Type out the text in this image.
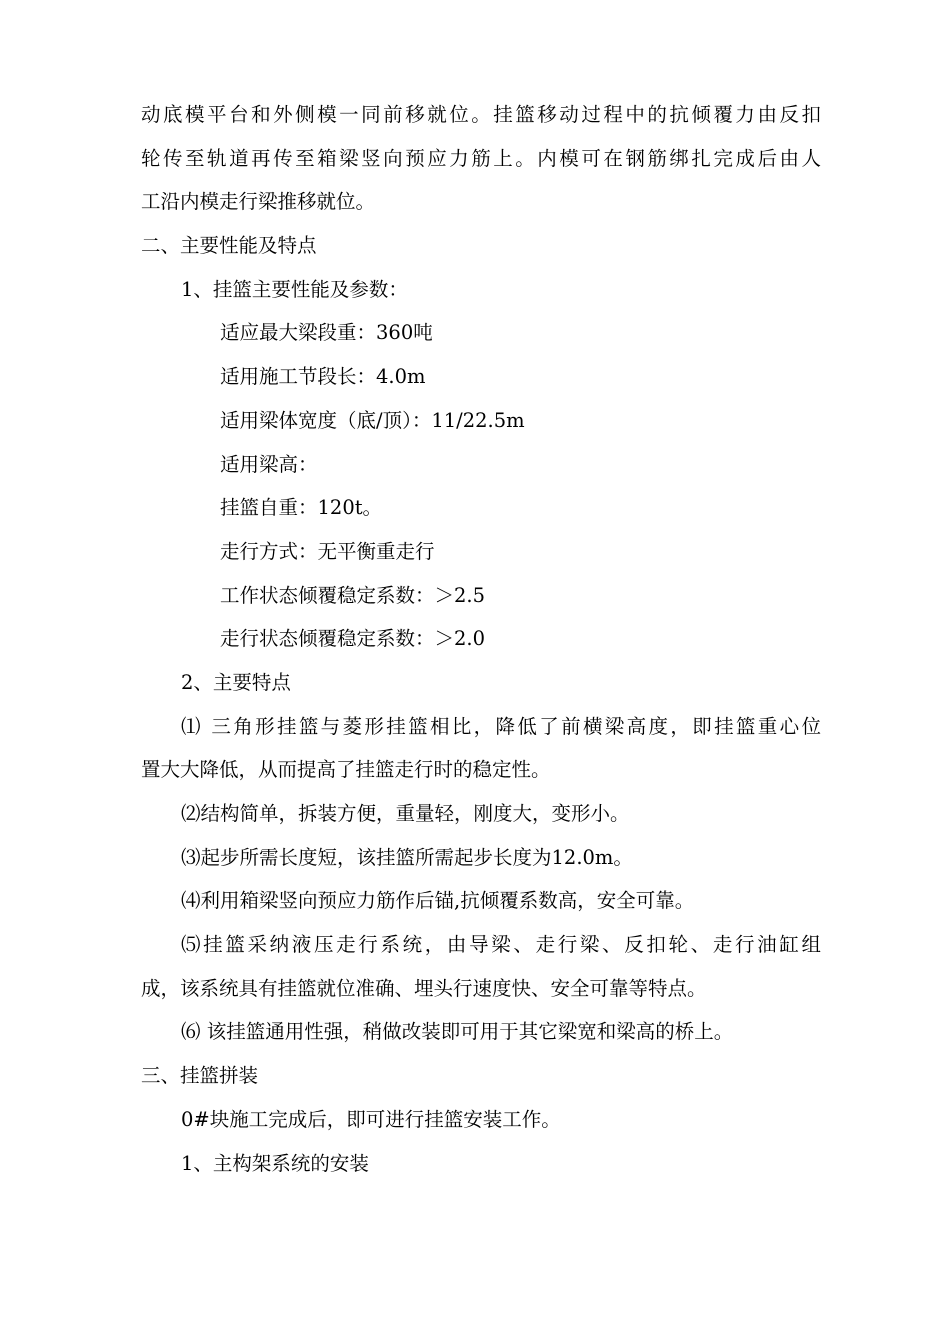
动底模平台和外侧模一同前移就位。挂篮移动过程中的抗倾覆力由反扣
轮传至轨道再传至箱梁竖向预应力筋上。内模可在钢筋绑扎完成后由人
工沿内模走行梁推移就位。
二、主要性能及特点
1、挂篮主要性能及参数：
适应最大梁段重：360吨
适用施工节段长：4.0m
适用梁体宽度（底/顶）：11/22.5m
适用梁高：
挂篮自重：120t。
走行方式：无平衡重走行
工作状态倾覆稳定系数：＞2.5
走行状态倾覆稳定系数：＞2.0
2、主要特点
⑴ 三角形挂篮与菱形挂篮相比，降低了前横梁高度，即挂篮重心位
置大大降低，从而提高了挂篮走行时的稳定性。
⑵结构简单，拆装方便，重量轻，刚度大，变形小。
⑶起步所需长度短，该挂篮所需起步长度为12.0m。
⑷利用箱梁竖向预应力筋作后锚,抗倾覆系数高，安全可靠。
⑸挂篮采纳液压走行系统，由导梁、走行梁、反扣轮、走行油缸组
成，该系统具有挂篮就位准确、埋头行速度快、安全可靠等特点。
⑹ 该挂篮通用性强，稍做改装即可用于其它梁宽和梁高的桥上。
三、挂篮拼装
0#块施工完成后，即可进行挂篮安装工作。
1、主构架系统的安装
